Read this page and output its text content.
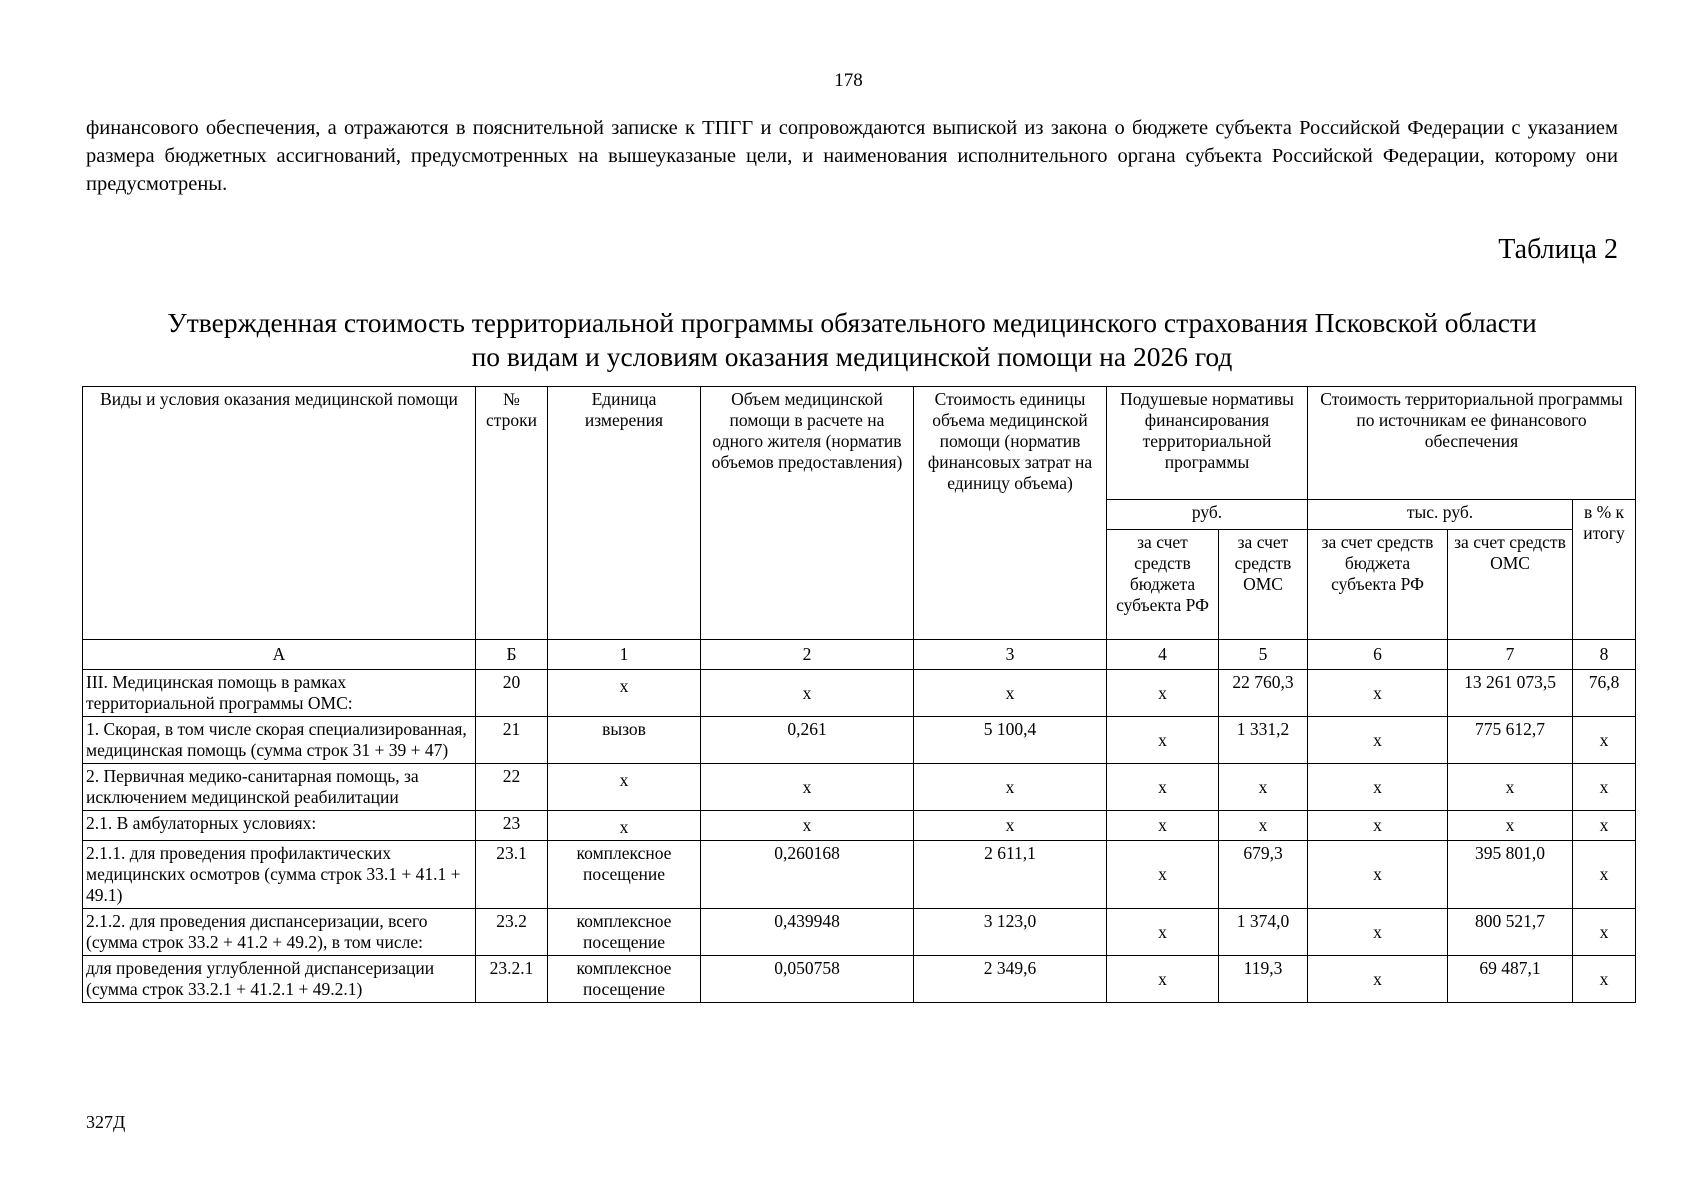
178
финансового обеспечения, а отражаются в пояснительной записке к ТПГГ и сопровождаются выпиской из закона о бюджете субъекта Российской Федерации с указанием размера бюджетных ассигнований, предусмотренных на вышеуказаные цели, и наименования исполнительного органа субъекта Российской Федерации, которому они предусмотрены.
Таблица 2
Утвержденная стоимость территориальной программы обязательного медицинского страхования Псковской области
по видам и условиям оказания медицинской помощи на 2026 год
Виды и условия оказания медицинской помощи	№ строки	Единица измерения	Объем медицинской помощи в расчете на одного жителя (норматив объемов предоставления)	Стоимость единицы объема медицинской помощи (норматив финансовых затрат на единицу объема)	Подушевые нормативы финансирования территориальной программы		Стоимость территориальной программы по источникам ее финансового обеспечения		
					руб.		тыс. руб.		в % к итогу
					за счет средств бюджета субъекта РФ	за счет средств ОМС	за счет средств бюджета субъекта РФ	за счет средств ОМС	
А	Б	1	2	3	4	5	6	7	8
III. Медицинская помощь в рамках территориальной программы ОМС:	20	х	х	х	х	22 760,3	х	13 261 073,5	76,8
1. Скорая, в том числе скорая специализированная, медицинская помощь (сумма строк 31 + 39 + 47)	21	вызов	0,261	5 100,4	х	1 331,2	х	775 612,7	х
2. Первичная медико-санитарная помощь, за исключением медицинской реабилитации	22	х	х	х	х	х	х	х	х
2.1. В амбулаторных условиях:	23	х	х	х	х	х	х	х	х
2.1.1. для проведения профилактических медицинских осмотров (сумма строк 33.1 + 41.1 + 49.1)	23.1	комплексное посещение	0,260168	2 611,1	х	679,3	х	395 801,0	х
2.1.2. для проведения диспансеризации, всего (сумма строк 33.2 + 41.2 + 49.2), в том числе:	23.2	комплексное посещение	0,439948	3 123,0	х	1 374,0	х	800 521,7	х
для проведения углубленной диспансеризации (сумма строк 33.2.1 + 41.2.1 + 49.2.1)	23.2.1	комплексное посещение	0,050758	2 349,6	х	119,3	х	69 487,1	х
327Д
